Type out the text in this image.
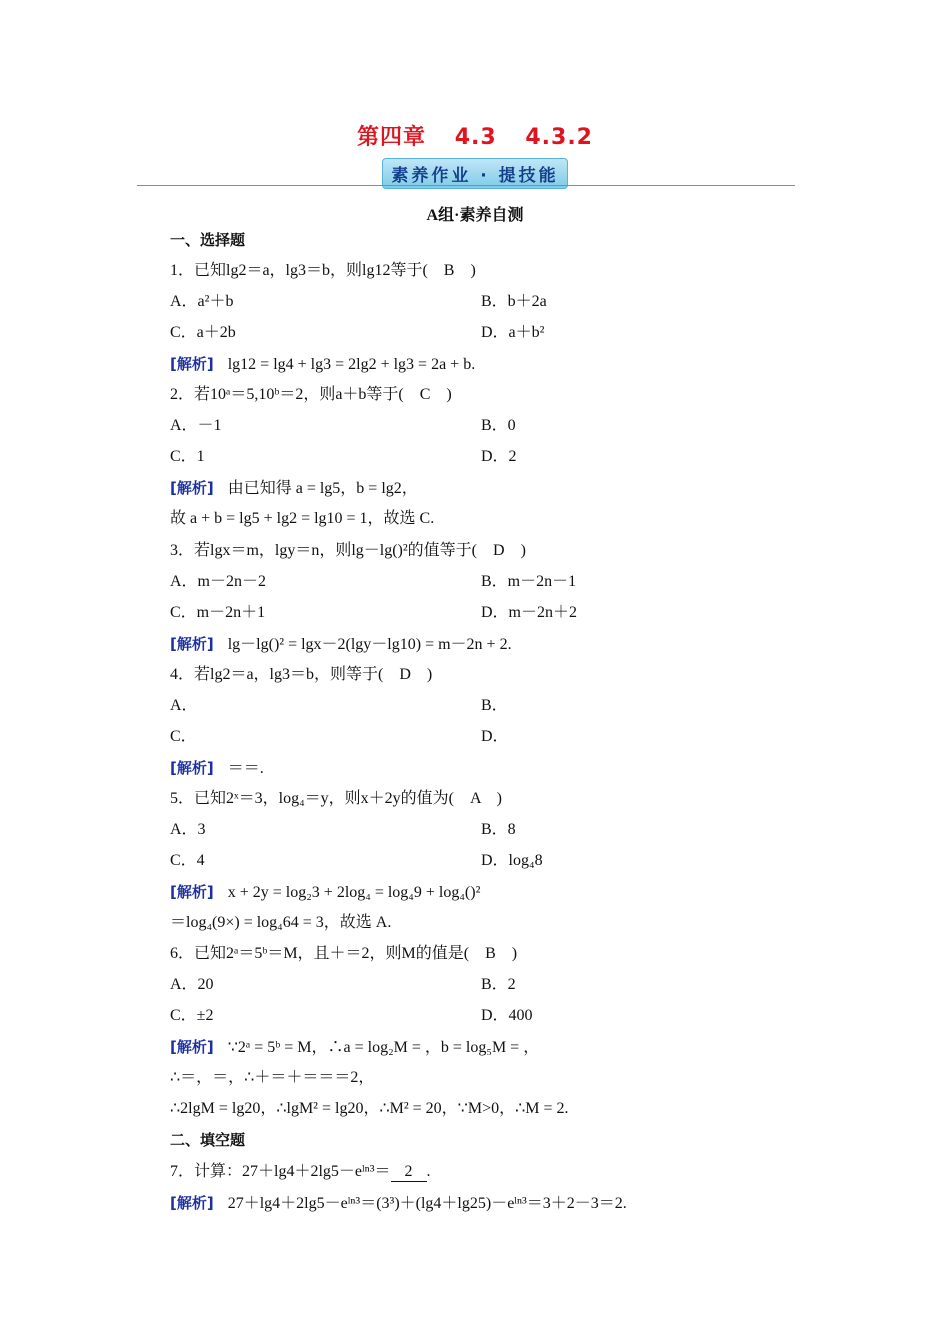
第四章 4.3 4.3.2
素养作业 · 提技能
A组·素养自测
一、选择题
1．已知lg2＝a，lg3＝b，则lg12等于(　B　)
A．a²＋b	B．b＋2a
C．a＋2b	D．a＋b²
[解析] lg12 = lg4 + lg3 = 2lg2 + lg3 = 2a + b.
2．若10ᵃ＝5,10ᵇ＝2，则a＋b等于(　C　)
A．－1	B．0
C．1	D．2
[解析] 由已知得 a = lg5，b = lg2，
故 a + b = lg5 + lg2 = lg10 = 1，故选 C.
3．若lgx＝m，lgy＝n，则lg－lg()²的值等于(　D　)
A．m－2n－2	B．m－2n－1
C．m－2n＋1	D．m－2n＋2
[解析] lg－lg()² = lgx－2(lgy－lg10) = m－2n + 2.
4．若lg2＝a，lg3＝b，则等于(　D　)
A．	B．
C．	D．
[解析] ＝＝.
5．已知2ˣ＝3，log₄＝y，则x＋2y的值为(　A　)
A．3	B．8
C．4	D．log₄8
[解析] x + 2y = log₂3 + 2log₄ = log₄9 + log₄()²
＝log₄(9×) = log₄64 = 3，故选 A.
6．已知2ᵃ＝5ᵇ＝M，且＋＝2，则M的值是(　B　)
A．20	B．2
C．±2	D．400
[解析] ∵2ᵃ = 5ᵇ = M，∴a = log₂M = ，b = log₅M = ，
∴＝，＝，∴＋＝＋＝＝＝2，
∴2lgM = lg20，∴lgM² = lg20，∴M² = 20，∵M>0，∴M = 2.
二、填空题
7．计算：27＋lg4＋2lg5－eˡⁿ³＝ 2 .
[解析] 27＋lg4＋2lg5－eˡⁿ³＝(3³)＋(lg4＋lg25)－eˡⁿ³＝3＋2－3＝2.
